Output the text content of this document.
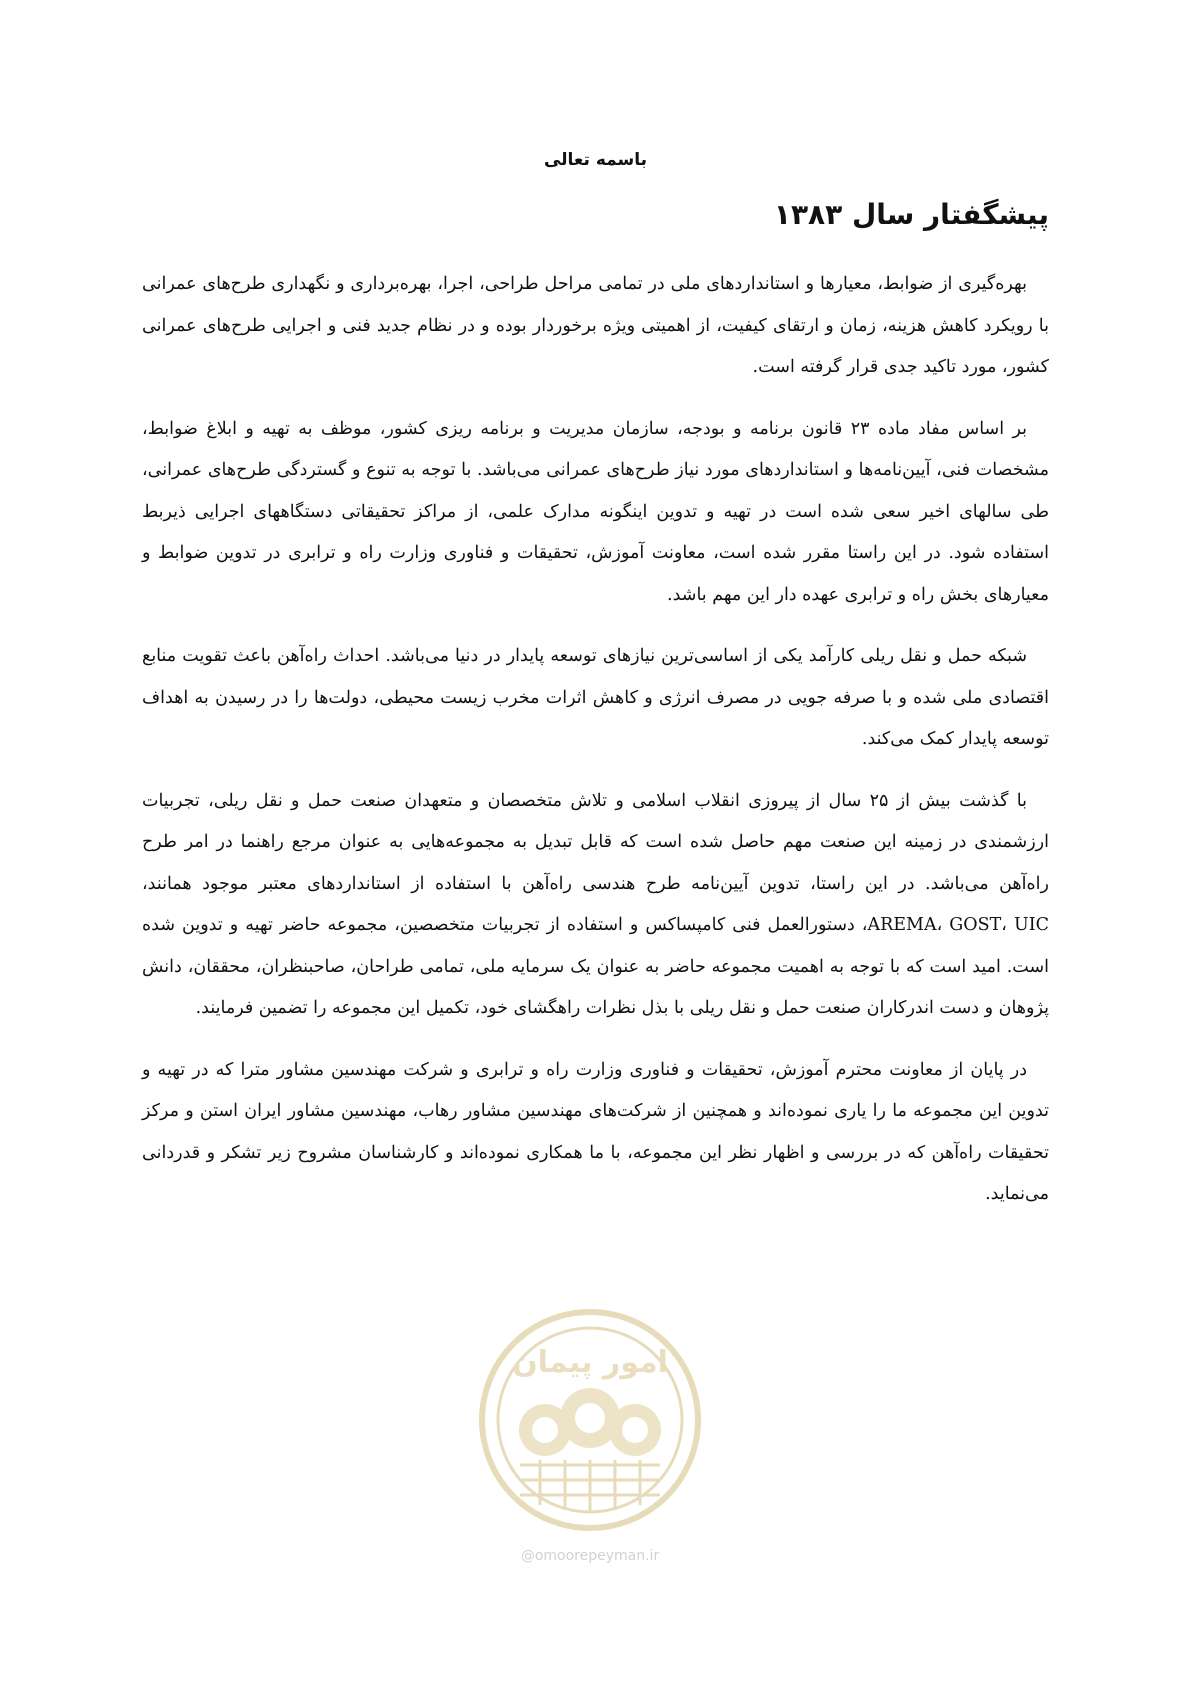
باسمه تعالی
پیشگفتار سال ۱۳۸۳

بهره‌گیری از ضوابط، معیارها و استانداردهای ملی در تمامی مراحل طراحی، اجرا، بهره‌برداری و نگهداری طرح‌های عمرانی با رویکرد کاهش هزینه، زمان و ارتقای کیفیت، از اهمیتی ویژه برخوردار بوده و در نظام جدید فنی و اجرایی طرح‌های عمرانی کشور، مورد تاکید جدی قرار گرفته است.

بر اساس مفاد ماده ۲۳ قانون برنامه و بودجه، سازمان مدیریت و برنامه ریزی کشور، موظف به تهیه و ابلاغ ضوابط، مشخصات فنی، آیین‌نامه‌ها و استانداردهای مورد نیاز طرح‌های عمرانی می‌باشد. با توجه به تنوع و گستردگی طرح‌های عمرانی، طی سالهای اخیر سعی شده است در تهیه و تدوین اینگونه مدارک علمی، از مراکز تحقیقاتی دستگاههای اجرایی ذیربط استفاده شود. در این راستا مقرر شده است، معاونت آموزش، تحقیقات و فناوری وزارت راه و ترابری در تدوین ضوابط و معیارهای بخش راه و ترابری عهده دار این مهم باشد.

شبکه حمل و نقل ریلی کارآمد یکی از اساسی‌ترین نیازهای توسعه پایدار در دنیا می‌باشد. احداث راه‌آهن باعث تقویت منابع اقتصادی ملی شده و با صرفه جویی در مصرف انرژی و کاهش اثرات مخرب زیست محیطی، دولت‌ها را در رسیدن به اهداف توسعه پایدار کمک می‌کند.

با گذشت بیش از ۲۵ سال از پیروزی انقلاب اسلامی و تلاش متخصصان و متعهدان صنعت حمل و نقل ریلی، تجربیات ارزشمندی در زمینه این صنعت مهم حاصل شده است که قابل تبدیل به مجموعه‌هایی به عنوان مرجع راهنما در امر طرح راه‌آهن می‌باشد. در این راستا، تدوین آیین‌نامه طرح هندسی راه‌آهن با استفاده از استانداردهای معتبر موجود همانند، AREMA، GOST، UIC، دستورالعمل فنی کامپساکس و استفاده از تجربیات متخصصین، مجموعه حاضر تهیه و تدوین شده است. امید است که با توجه به اهمیت مجموعه حاضر به عنوان یک سرمایه ملی، تمامی طراحان، صاحبنظران، محققان، دانش پژوهان و دست اندرکاران صنعت حمل و نقل ریلی با بذل نظرات راهگشای خود، تکمیل این مجموعه را تضمین فرمایند.

در پایان از معاونت محترم آموزش، تحقیقات و فناوری وزارت راه و ترابری و شرکت مهندسین مشاور مترا که در تهیه و تدوین این مجموعه ما را یاری نموده‌اند و همچنین از شرکت‌های مهندسین مشاور رهاب، مهندسین مشاور ایران استن و مرکز تحقیقات راه‌آهن که در بررسی و اظهار نظر این مجموعه، با ما همکاری نموده‌اند و کارشناسان مشروح زیر تشکر و قدردانی می‌نماید.

امور پیمان
@omoorepeyman.ir
